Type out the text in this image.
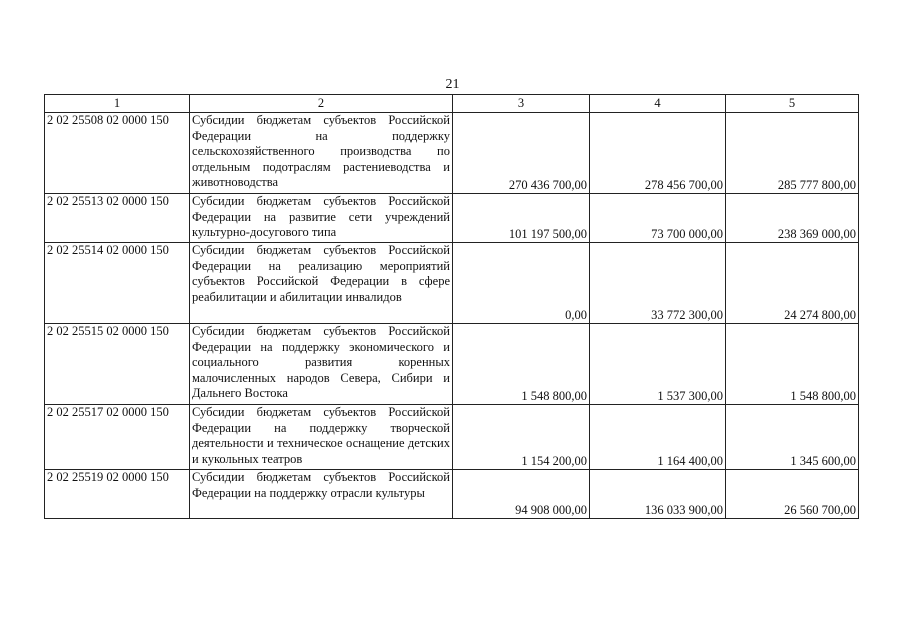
21
1	2	3	4	5
2 02 25508 02 0000 150	Субсидии бюджетам субъектов Российской Федерации на поддержку сельскохозяйственного производства по отдельным подотраслям растениеводства и животноводства	270 436 700,00	278 456 700,00	285 777 800,00
2 02 25513 02 0000 150	Субсидии бюджетам субъектов Российской Федерации на развитие сети учреждений культурно-досугового типа	101 197 500,00	73 700 000,00	238 369 000,00
2 02 25514 02 0000 150	Субсидии бюджетам субъектов Российской Федерации на реализацию мероприятий субъектов Российской Федерации в сфере реабилитации и абилитации инвалидов	0,00	33 772 300,00	24 274 800,00
2 02 25515 02 0000 150	Субсидии бюджетам субъектов Российской Федерации на поддержку экономического и социального развития коренных малочисленных народов Севера, Сибири и Дальнего Востока	1 548 800,00	1 537 300,00	1 548 800,00
2 02 25517 02 0000 150	Субсидии бюджетам субъектов Российской Федерации на поддержку творческой деятельности и техническое оснащение детских и кукольных театров	1 154 200,00	1 164 400,00	1 345 600,00
2 02 25519 02 0000 150	Субсидии бюджетам субъектов Российской Федерации на поддержку отрасли культуры	94 908 000,00	136 033 900,00	26 560 700,00
